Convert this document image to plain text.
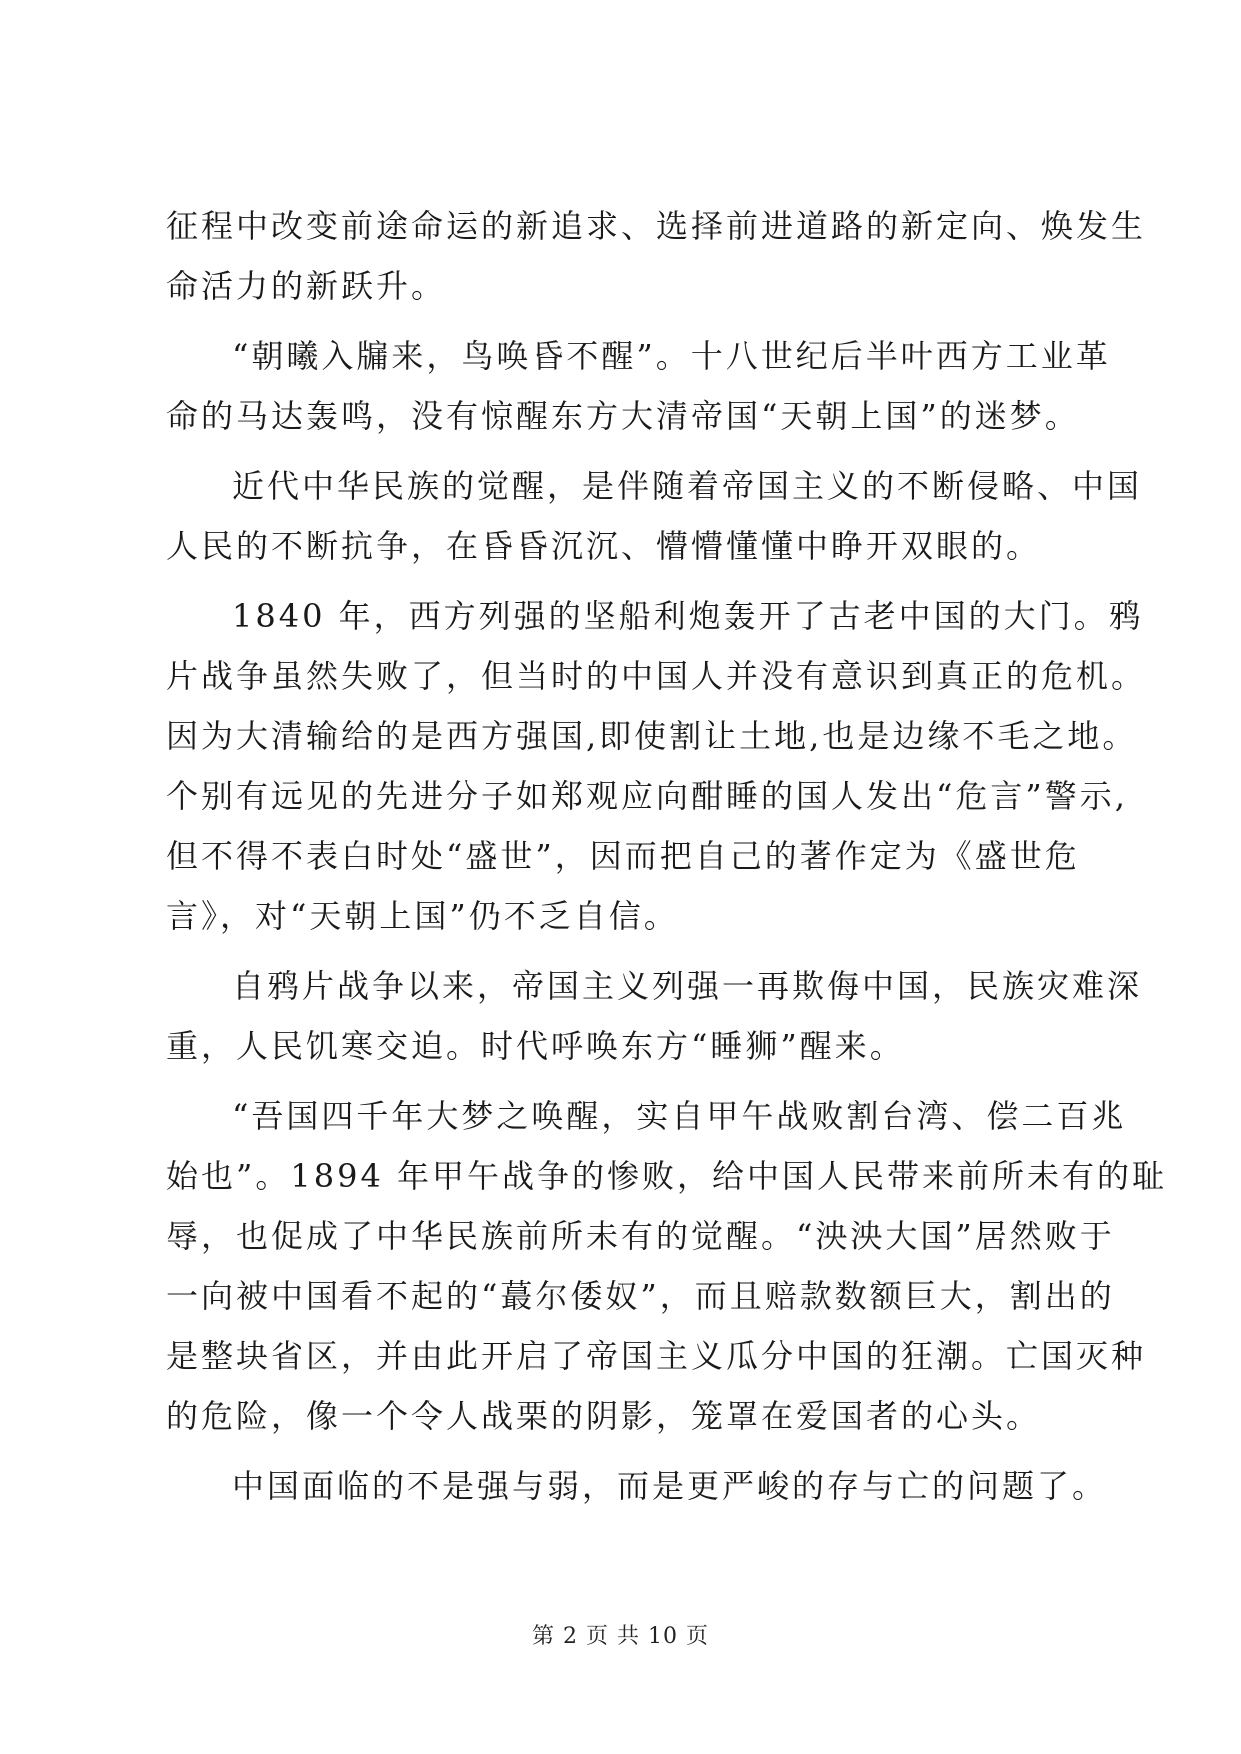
征程中改变前途命运的新追求、选择前进道路的新定向、焕发生
命活力的新跃升。
“朝曦入牖来，鸟唤昏不醒”。十八世纪后半叶西方工业革
命的马达轰鸣，没有惊醒东方大清帝国“天朝上国”的迷梦。
近代中华民族的觉醒，是伴随着帝国主义的不断侵略、中国
人民的不断抗争，在昏昏沉沉、懵懵懂懂中睁开双眼的。
1840 年，西方列强的坚船利炮轰开了古老中国的大门。鸦
片战争虽然失败了，但当时的中国人并没有意识到真正的危机。
因为大清输给的是西方强国,即使割让土地,也是边缘不毛之地。
个别有远见的先进分子如郑观应向酣睡的国人发出“危言”警示,
但不得不表白时处“盛世”，因而把自己的著作定为《盛世危
言》，对“天朝上国”仍不乏自信。
自鸦片战争以来，帝国主义列强一再欺侮中国，民族灾难深
重，人民饥寒交迫。时代呼唤东方“睡狮”醒来。
“吾国四千年大梦之唤醒，实自甲午战败割台湾、偿二百兆
始也”。1894 年甲午战争的惨败，给中国人民带来前所未有的耻
辱，也促成了中华民族前所未有的觉醒。“泱泱大国”居然败于
一向被中国看不起的“蕞尔倭奴”，而且赔款数额巨大，割出的
是整块省区，并由此开启了帝国主义瓜分中国的狂潮。亡国灭种
的危险，像一个令人战栗的阴影，笼罩在爱国者的心头。
中国面临的不是强与弱，而是更严峻的存与亡的问题了。
第 2 页 共 10 页
